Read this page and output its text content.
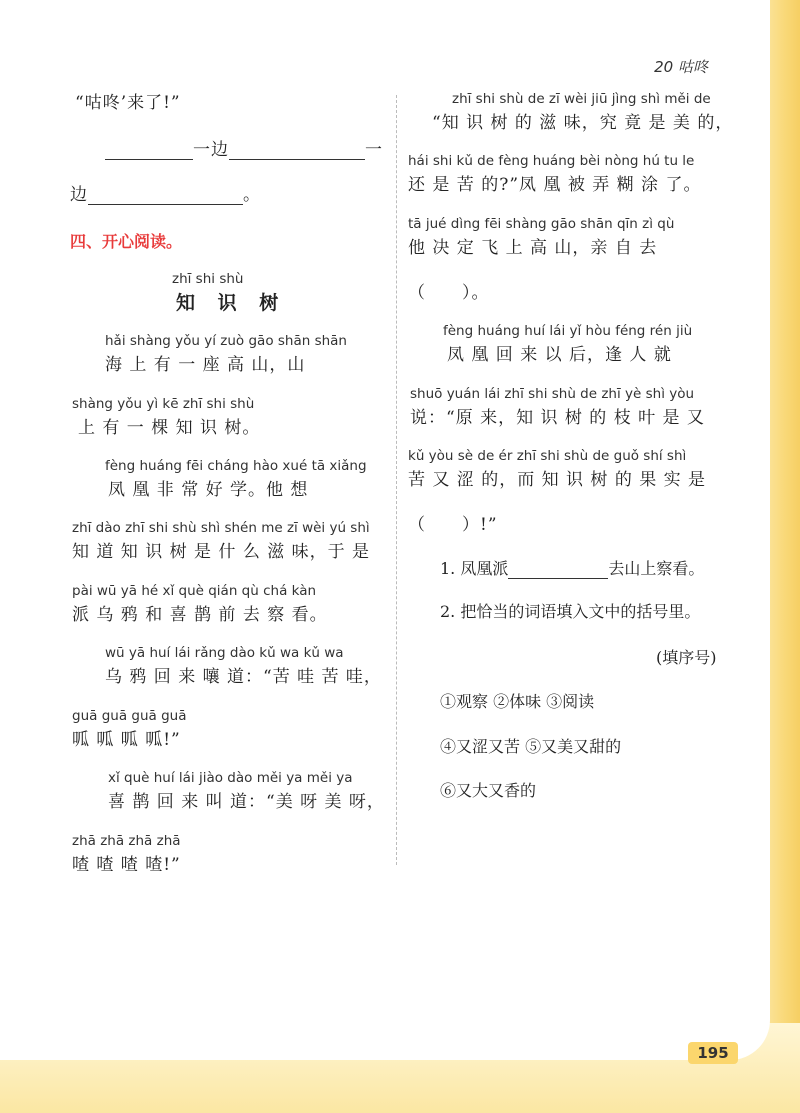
20 咕咚
“咕咚’来了!”
一边	一
边	。
四、开心阅读。
zhī shi shù
知 识 树
hǎi shàng yǒu yí zuò gāo shān shān
海 上 有 一 座 高 山，山
shàng yǒu yì kē zhī shi shù
上 有 一 棵 知 识 树。
fèng huáng fēi cháng hào xué tā xiǎng
凤 凰 非 常 好 学。他 想
zhī dào zhī shi shù shì shén me zī wèi yú shì
知 道 知 识 树 是 什 么 滋 味，于 是
pài wū yā hé xǐ què qián qù chá kàn
派 乌 鸦 和 喜 鹊 前 去 察 看。
wū yā huí lái rǎng dào kǔ wa kǔ wa
乌 鸦 回 来 嚷 道：“苦 哇 苦 哇，
guā guā guā guā
呱 呱 呱 呱!”
xǐ què huí lái jiào dào měi ya měi ya
喜 鹊 回 来 叫 道：“美 呀 美 呀，
zhā zhā zhā zhā
喳 喳 喳 喳!”
zhī shi shù de zī wèi jiū jìng shì měi de
“知 识 树 的 滋 味，究 竟 是 美 的，
hái shi kǔ de fèng huáng bèi nòng hú tu le
还 是 苦 的?”凤 凰 被 弄 糊 涂 了。
tā jué dìng fēi shàng gāo shān qīn zì qù
他 决 定 飞 上 高 山，亲 自 去
（　　）。
fèng huáng huí lái yǐ hòu féng rén jiù
凤 凰 回 来 以 后，逢 人 就
shuō yuán lái zhī shi shù de zhī yè shì yòu
说：“原 来，知 识 树 的 枝 叶 是 又
kǔ yòu sè de ér zhī shi shù de guǒ shí shì
苦 又 涩 的，而 知 识 树 的 果 实 是
（　　）!”
1. 凤凰派	去山上察看。
2. 把恰当的词语填入文中的括号里。
(填序号)
①观察 ②体味 ③阅读
④又涩又苦 ⑤又美又甜的
⑥又大又香的
195
